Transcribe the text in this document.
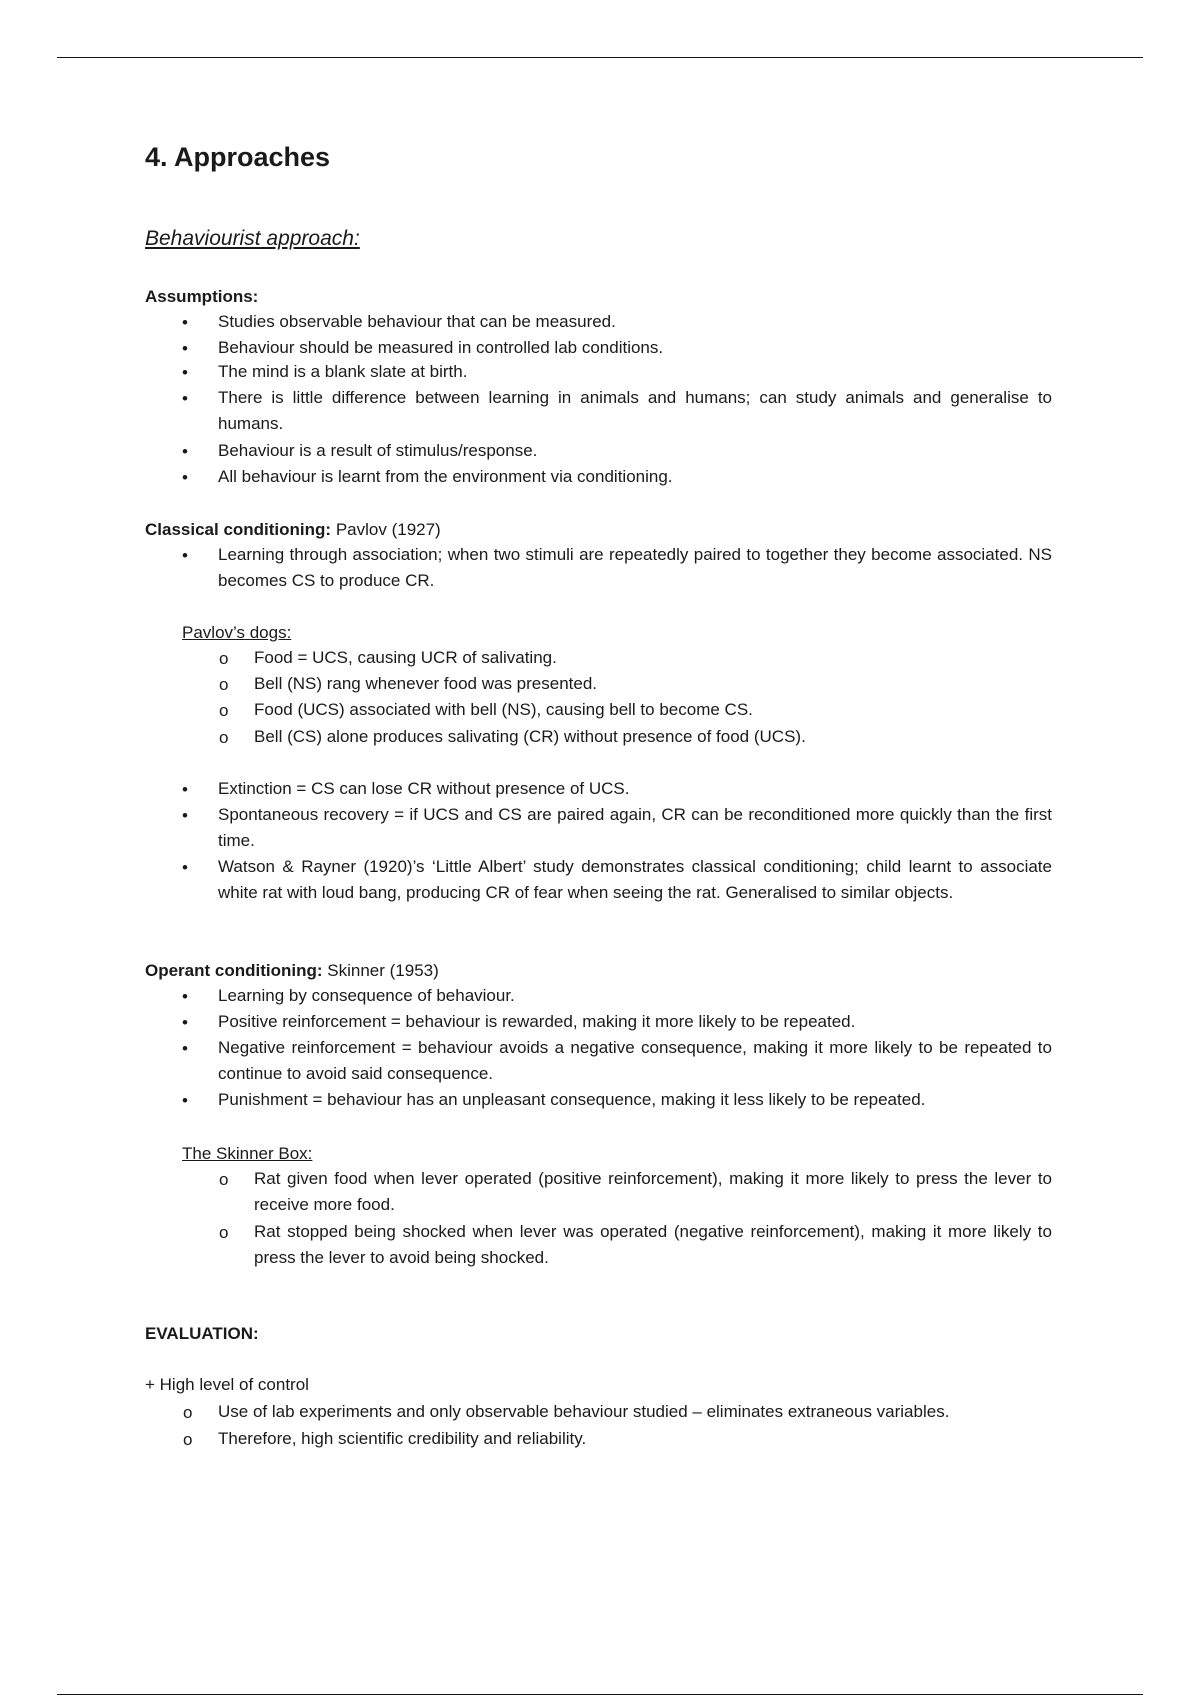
4. Approaches
Behaviourist approach:
Assumptions:
• Studies observable behaviour that can be measured.
• Behaviour should be measured in controlled lab conditions.
• The mind is a blank slate at birth.
• There is little difference between learning in animals and humans; can study animals and generalise to humans.
• Behaviour is a result of stimulus/response.
• All behaviour is learnt from the environment via conditioning.
Classical conditioning: Pavlov (1927)
• Learning through association; when two stimuli are repeatedly paired to together they become associated. NS becomes CS to produce CR.
Pavlov’s dogs:
o Food = UCS, causing UCR of salivating.
o Bell (NS) rang whenever food was presented.
o Food (UCS) associated with bell (NS), causing bell to become CS.
o Bell (CS) alone produces salivating (CR) without presence of food (UCS).
• Extinction = CS can lose CR without presence of UCS.
• Spontaneous recovery = if UCS and CS are paired again, CR can be reconditioned more quickly than the first time.
• Watson & Rayner (1920)’s ‘Little Albert’ study demonstrates classical conditioning; child learnt to associate white rat with loud bang, producing CR of fear when seeing the rat. Generalised to similar objects.
Operant conditioning: Skinner (1953)
• Learning by consequence of behaviour.
• Positive reinforcement = behaviour is rewarded, making it more likely to be repeated.
• Negative reinforcement = behaviour avoids a negative consequence, making it more likely to be repeated to continue to avoid said consequence.
• Punishment = behaviour has an unpleasant consequence, making it less likely to be repeated.
The Skinner Box:
o Rat given food when lever operated (positive reinforcement), making it more likely to press the lever to receive more food.
o Rat stopped being shocked when lever was operated (negative reinforcement), making it more likely to press the lever to avoid being shocked.
EVALUATION:
+ High level of control
o Use of lab experiments and only observable behaviour studied – eliminates extraneous variables.
o Therefore, high scientific credibility and reliability.
